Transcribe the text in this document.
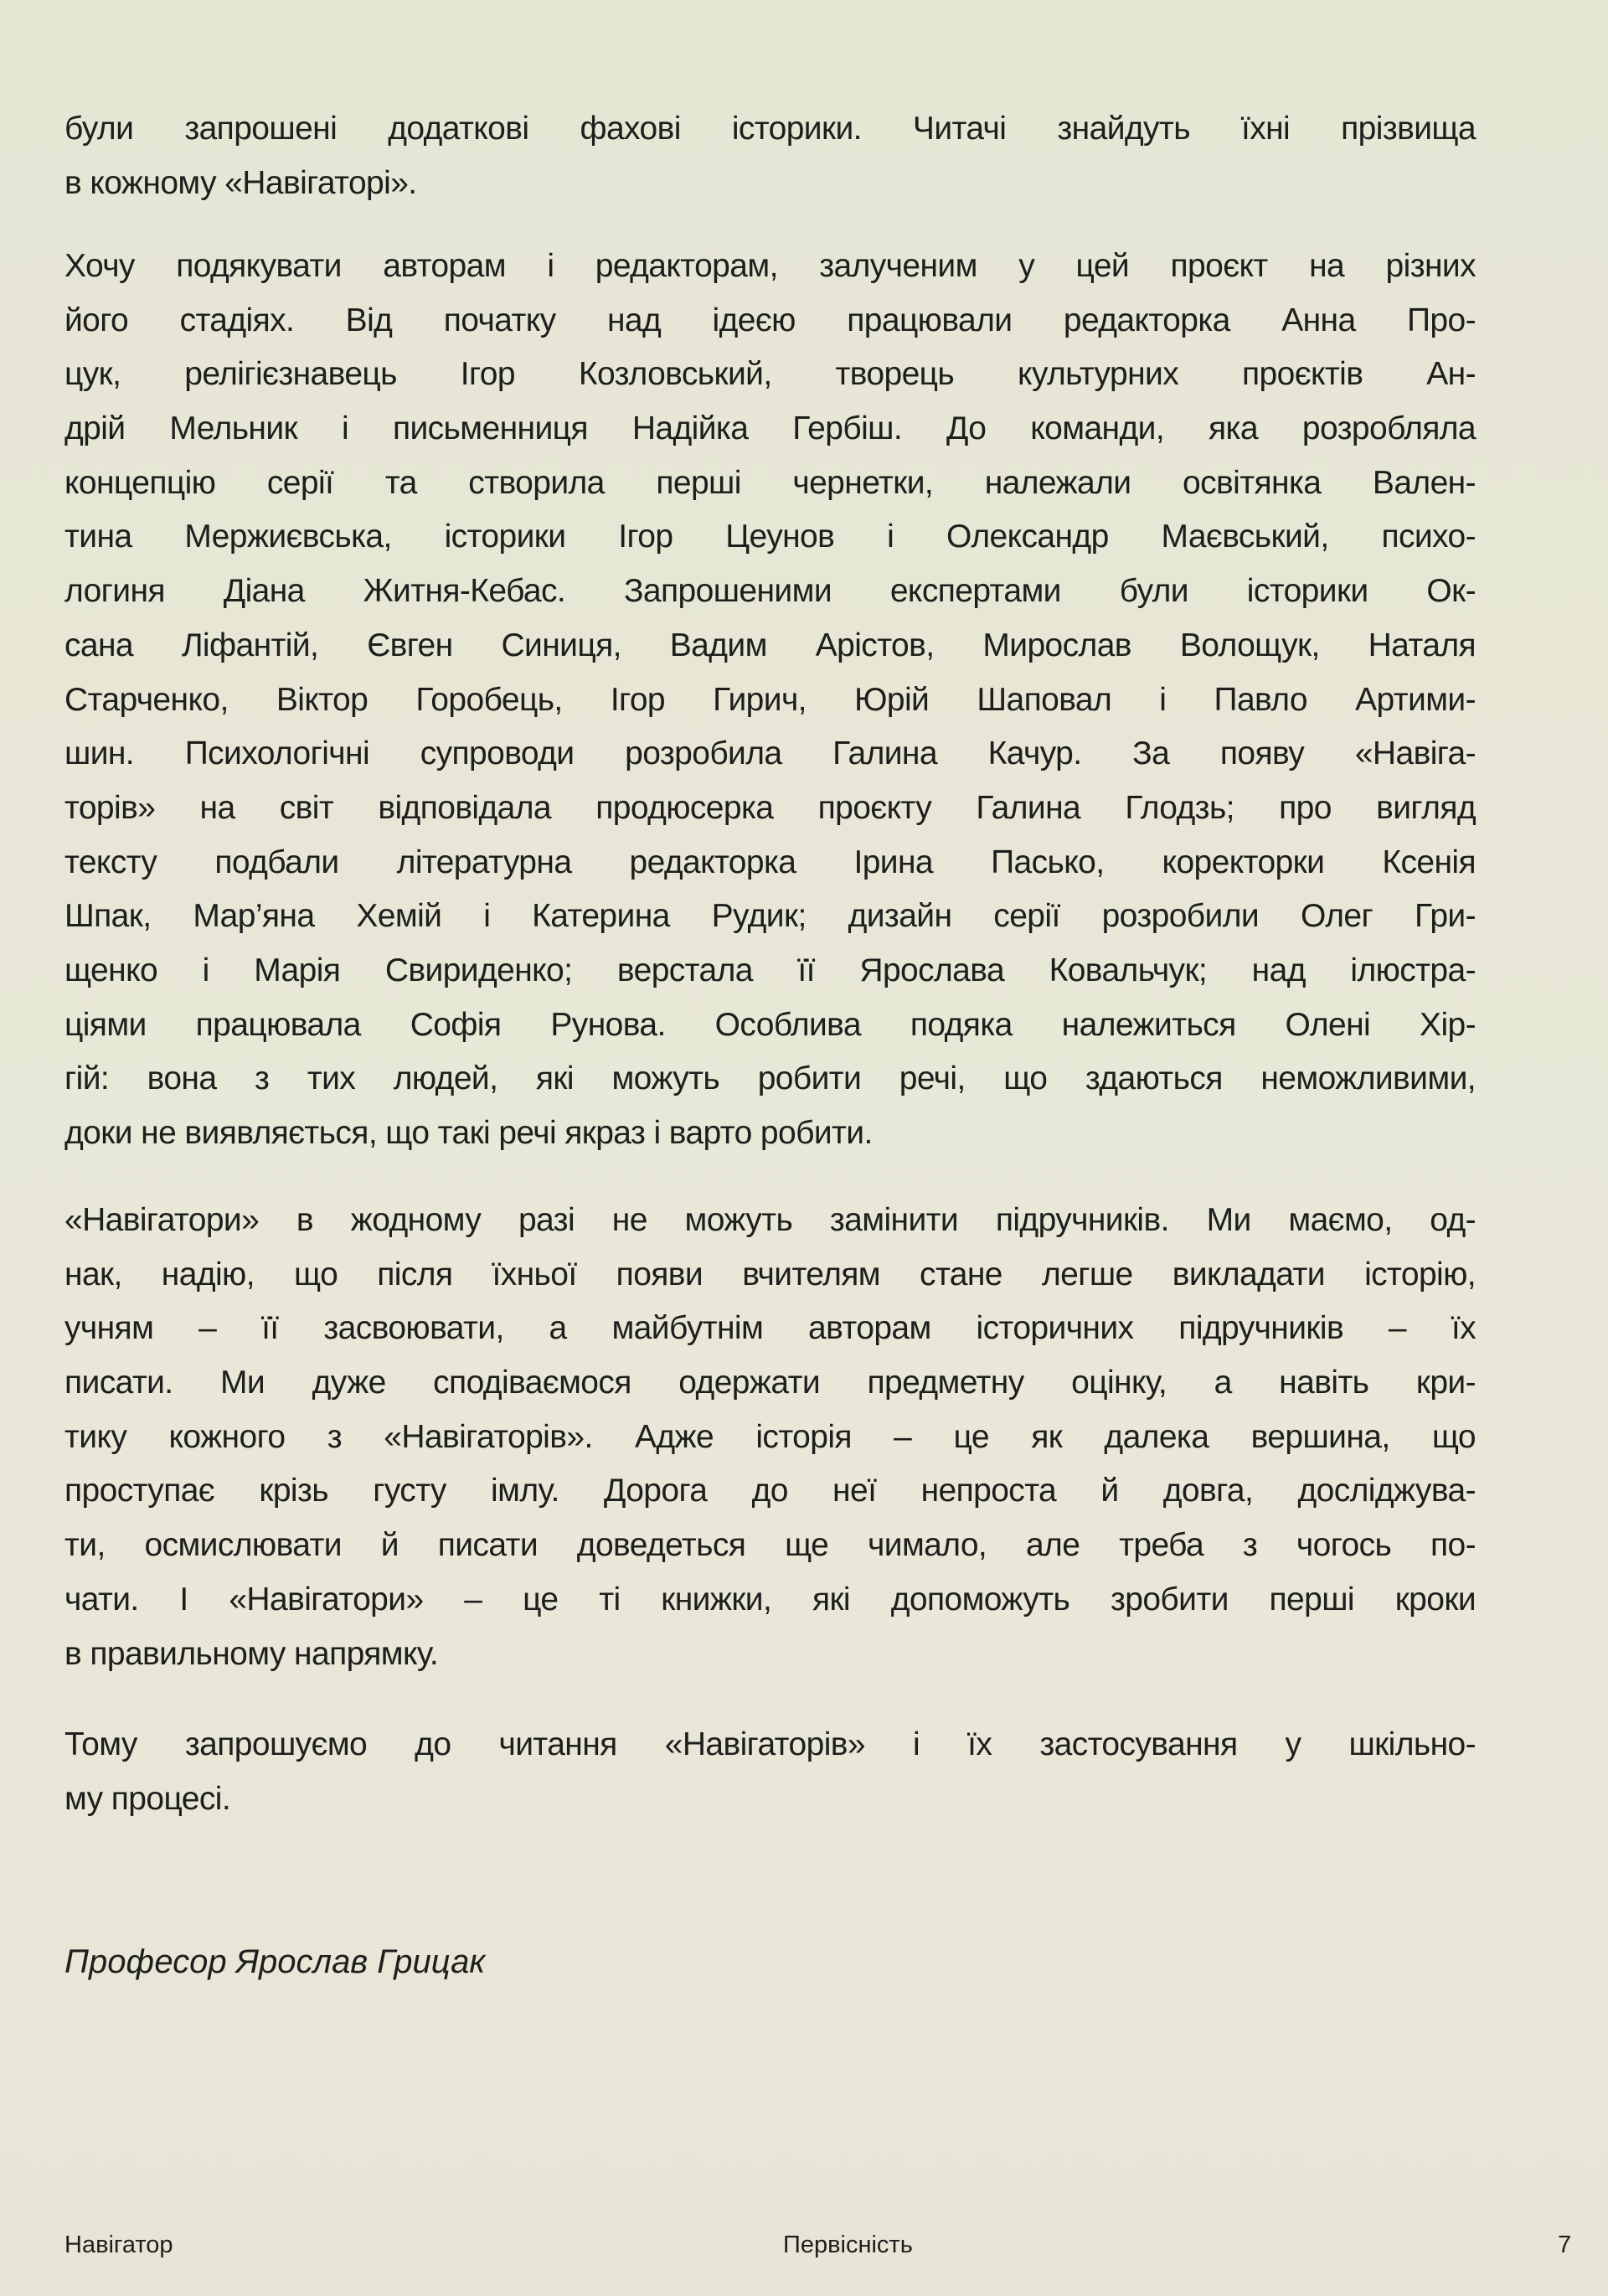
були запрошені додаткові фахові історики. Читачі знайдуть їхні прізвища
в кожному «Навігаторі».
Хочу подякувати авторам і редакторам, залученим у цей проєкт на різних
його стадіях. Від початку над ідеєю працювали редакторка Анна Про-
цук, релігієзнавець Ігор Козловський, творець культурних проєктів Ан-
дрій Мельник і письменниця Надійка Гербіш. До команди, яка розробляла
концепцію серії та створила перші чернетки, належали освітянка Вален-
тина Мержиєвська, історики Ігор Цеунов і Олександр Маєвський, психо-
логиня Діана Житня-Кебас. Запрошеними експертами були історики Ок-
сана Ліфантій, Євген Синиця, Вадим Арістов, Мирослав Волощук, Наталя
Старченко, Віктор Горобець, Ігор Гирич, Юрій Шаповал і Павло Артими-
шин. Психологічні супроводи розробила Галина Качур. За появу «Навіга-
торів» на світ відповідала продюсерка проєкту Галина Глодзь; про вигляд
тексту подбали літературна редакторка Ірина Пасько, коректорки Ксенія
Шпак, Мар’яна Хемій і Катерина Рудик; дизайн серії розробили Олег Гри-
щенко і Марія Свириденко; верстала її Ярослава Ковальчук; над ілюстра-
ціями працювала Софія Рунова. Особлива подяка належиться Олені Хір-
гій: вона з тих людей, які можуть робити речі, що здаються неможливими,
доки не виявляється, що такі речі якраз і варто робити.
«Навігатори» в жодному разі не можуть замінити підручників. Ми маємо, од-
нак, надію, що після їхньої появи вчителям стане легше викладати історію,
учням – її засвоювати, а майбутнім авторам історичних підручників – їх
писати. Ми дуже сподіваємося одержати предметну оцінку, а навіть кри-
тику кожного з «Навігаторів». Адже історія – це як далека вершина, що
проступає крізь густу імлу. Дорога до неї непроста й довга, досліджува-
ти, осмислювати й писати доведеться ще чимало, але треба з чогось по-
чати. І «Навігатори» – це ті книжки, які допоможуть зробити перші кроки
в правильному напрямку.
Тому запрошуємо до читання «Навігаторів» і їх застосування у шкільно-
му процесі.
Професор Ярослав Грицак
Навігатор	Первісність	7
